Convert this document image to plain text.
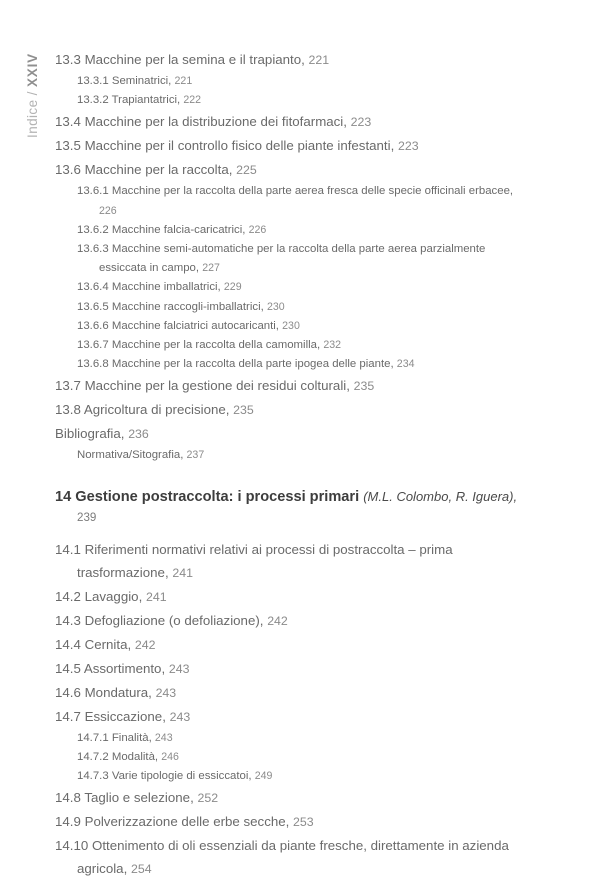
Indice / XXIV 13.3 Macchine per la semina e il trapianto, 221
13.3.1 Seminatrici, 221
13.3.2 Trapiantatrici, 222
13.4 Macchine per la distribuzione dei fitofarmaci, 223
13.5 Macchine per il controllo fisico delle piante infestanti, 223
13.6 Macchine per la raccolta, 225
13.6.1 Macchine per la raccolta della parte aerea fresca delle specie officinali erbacee, 226
13.6.2 Macchine falcia-caricatrici, 226
13.6.3 Macchine semi-automatiche per la raccolta della parte aerea parzialmente essiccata in campo, 227
13.6.4 Macchine imballatrici, 229
13.6.5 Macchine raccogli-imballatrici, 230
13.6.6 Macchine falciatrici autocaricanti, 230
13.6.7 Macchine per la raccolta della camomilla, 232
13.6.8 Macchine per la raccolta della parte ipogea delle piante, 234
13.7 Macchine per la gestione dei residui colturali, 235
13.8 Agricoltura di precisione, 235
Bibliografia, 236
Normativa/Sitografia, 237
14 Gestione postraccolta: i processi primari (M.L. Colombo, R. Iguera), 239
14.1 Riferimenti normativi relativi ai processi di postraccolta – prima trasformazione, 241
14.2 Lavaggio, 241
14.3 Defogliazione (o defoliazione), 242
14.4 Cernita, 242
14.5 Assortimento, 243
14.6 Mondatura, 243
14.7 Essiccazione, 243
14.7.1 Finalità, 243
14.7.2 Modalità, 246
14.7.3 Varie tipologie di essiccatoi, 249
14.8 Taglio e selezione, 252
14.9 Polverizzazione delle erbe secche, 253
14.10 Ottenimento di oli essenziali da piante fresche, direttamente in azienda agricola, 254
